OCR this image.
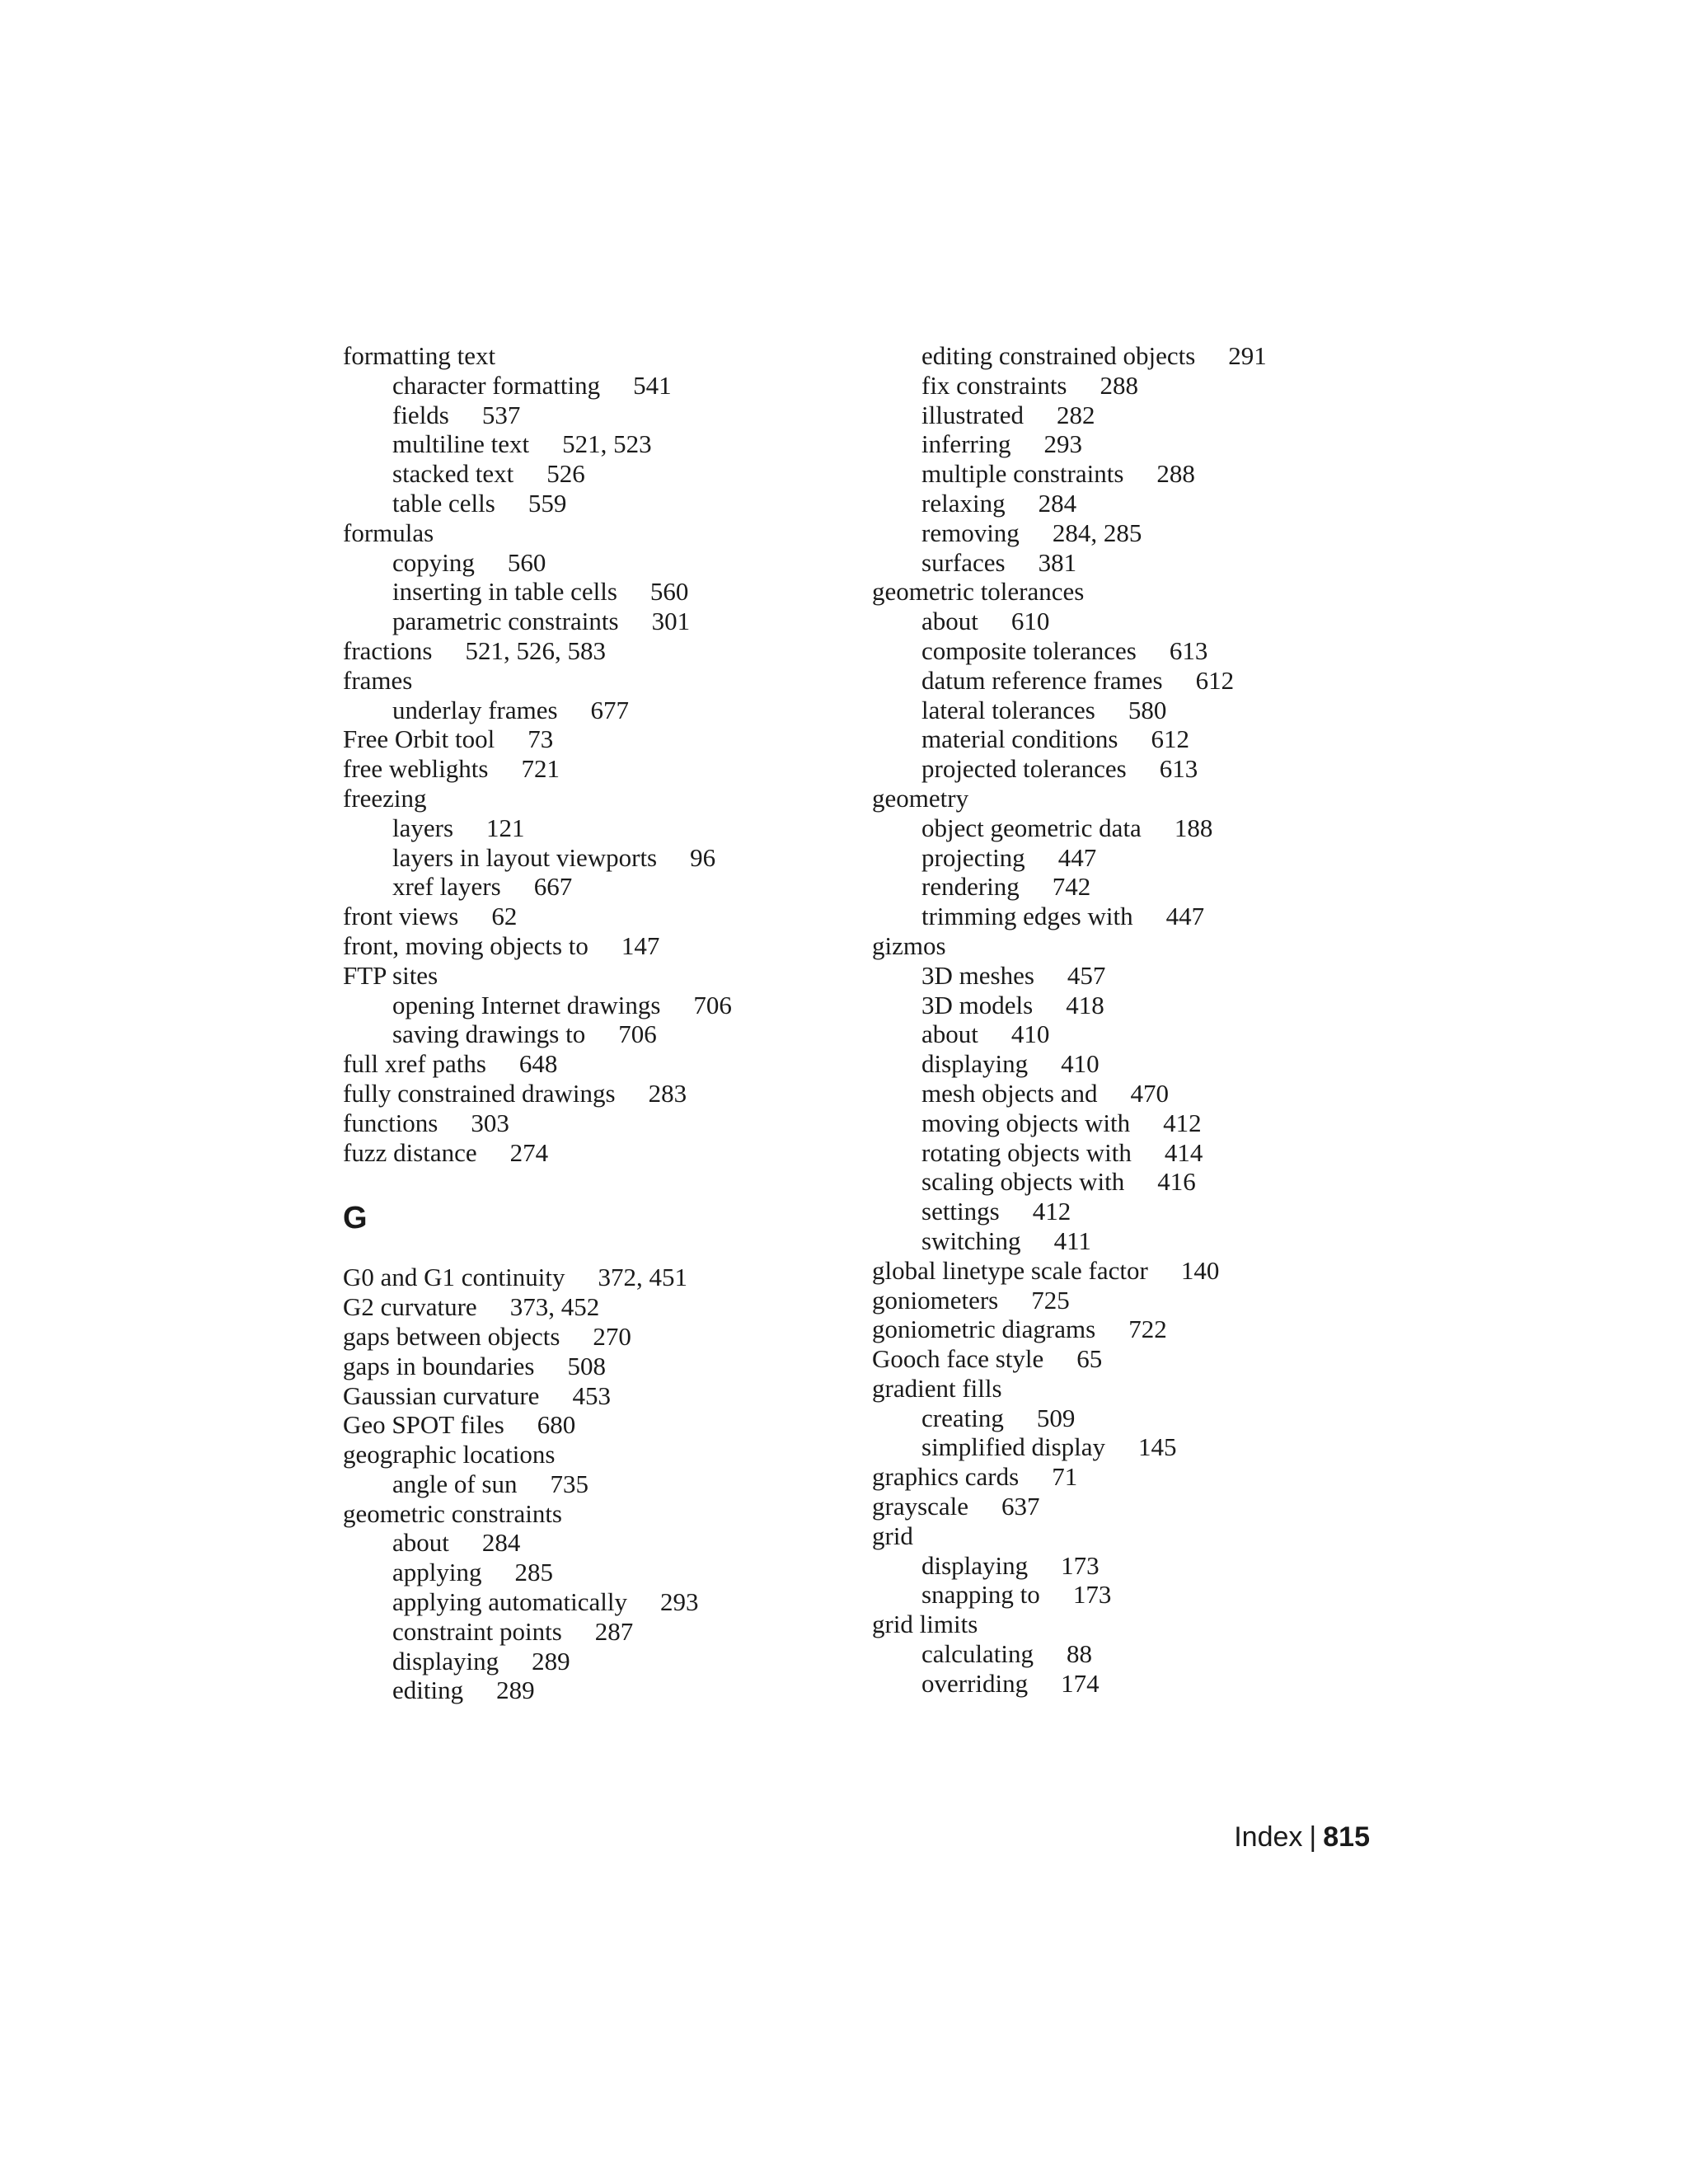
formatting text
character formatting 541
fields 537
multiline text 521, 523
stacked text 526
table cells 559
formulas
copying 560
inserting in table cells 560
parametric constraints 301
fractions 521, 526, 583
frames
underlay frames 677
Free Orbit tool 73
free weblights 721
freezing
layers 121
layers in layout viewports 96
xref layers 667
front views 62
front, moving objects to 147
FTP sites
opening Internet drawings 706
saving drawings to 706
full xref paths 648
fully constrained drawings 283
functions 303
fuzz distance 274
G
G0 and G1 continuity 372, 451
G2 curvature 373, 452
gaps between objects 270
gaps in boundaries 508
Gaussian curvature 453
Geo SPOT files 680
geographic locations
angle of sun 735
geometric constraints
about 284
applying 285
applying automatically 293
constraint points 287
displaying 289
editing 289
editing constrained objects 291
fix constraints 288
illustrated 282
inferring 293
multiple constraints 288
relaxing 284
removing 284, 285
surfaces 381
geometric tolerances
about 610
composite tolerances 613
datum reference frames 612
lateral tolerances 580
material conditions 612
projected tolerances 613
geometry
object geometric data 188
projecting 447
rendering 742
trimming edges with 447
gizmos
3D meshes 457
3D models 418
about 410
displaying 410
mesh objects and 470
moving objects with 412
rotating objects with 414
scaling objects with 416
settings 412
switching 411
global linetype scale factor 140
goniometers 725
goniometric diagrams 722
Gooch face style 65
gradient fills
creating 509
simplified display 145
graphics cards 71
grayscale 637
grid
displaying 173
snapping to 173
grid limits
calculating 88
overriding 174
Index | 815
